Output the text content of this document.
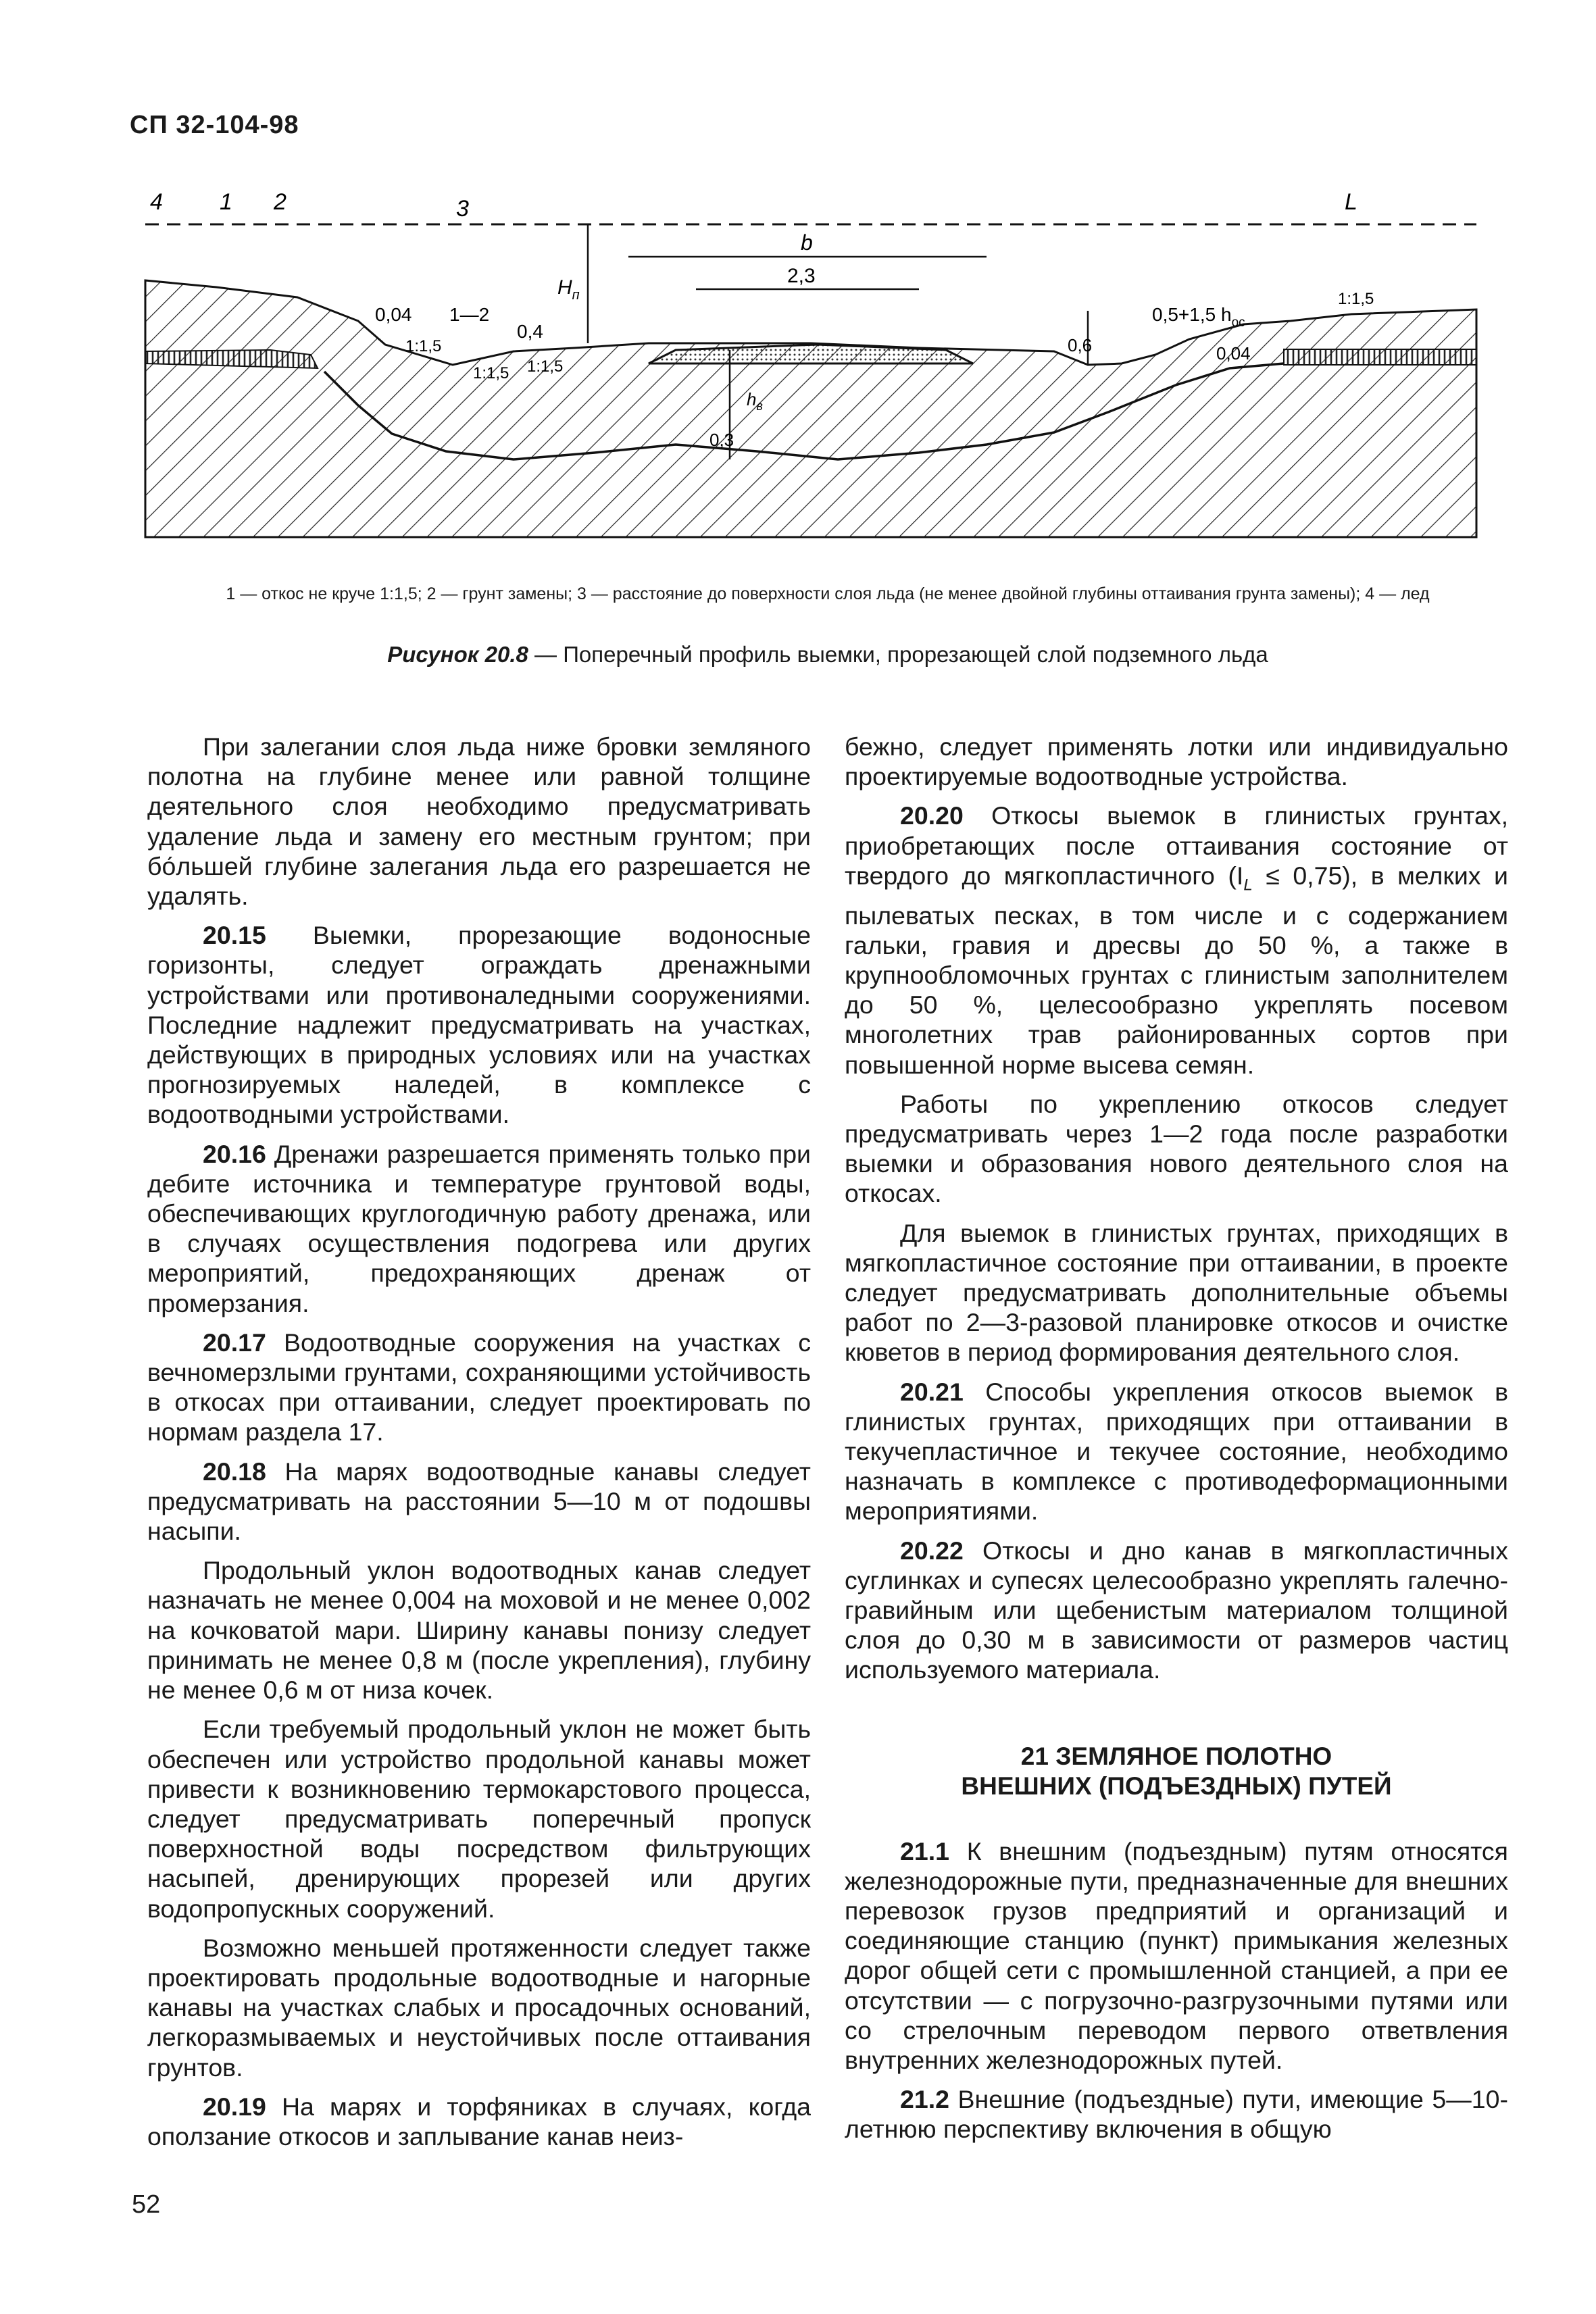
СП 32-104-98
4 1 2	3	L
b
2,3
$H_п$
0,04 1—2
0,4
1:1,5
1:1,5 1:1,5
0,5+1,5 $h_{ос}$
1:1,5
0,6
0,3
$h_в$
0,04
1 — откос не круче 1:1,5; 2 — грунт замены; 3 — расстояние до поверхности слоя льда (не менее двойной глубины оттаивания грунта замены); 4 — лед
Рисунок 20.8 — Поперечный профиль выемки, прорезающей слой подземного льда

При залегании слоя льда ниже бровки земляного полотна на глубине менее или равной толщине деятельного слоя необходимо предусматривать удаление льда и замену его местным грунтом; при бо́льшей глубине залегания льда его разрешается не удалять.

20.15 Выемки, прорезающие водоносные горизонты, следует ограждать дренажными устройствами или противоналедными сооружениями. Последние надлежит предусматривать на участках, действующих в природных условиях или на участках прогнозируемых наледей, в комплексе с водоотводными устройствами.

20.16 Дренажи разрешается применять только при дебите источника и температуре грунтовой воды, обеспечивающих круглогодичную работу дренажа, или в случаях осуществления подогрева или других мероприятий, предохраняющих дренаж от промерзания.

20.17 Водоотводные сооружения на участках с вечномерзлыми грунтами, сохраняющими устойчивость в откосах при оттаивании, следует проектировать по нормам раздела 17.

20.18 На марях водоотводные канавы следует предусматривать на расстоянии 5—10 м от подошвы насыпи.

Продольный уклон водоотводных канав следует назначать не менее 0,004 на моховой и не менее 0,002 на кочковатой мари. Ширину канавы понизу следует принимать не менее 0,8 м (после укрепления), глубину не менее 0,6 м от низа кочек.

Если требуемый продольный уклон не может быть обеспечен или устройство продольной канавы может привести к возникновению термокарстового процесса, следует предусматривать поперечный пропуск поверхностной воды посредством фильтрующих насыпей, дренирующих прорезей или других водопропускных сооружений.

Возможно меньшей протяженности следует также проектировать продольные водоотводные и нагорные канавы на участках слабых и просадочных оснований, легкоразмываемых и неустойчивых после оттаивания грунтов.

20.19 На марях и торфяниках в случаях, когда оползание откосов и заплывание канав неиз-

бежно, следует применять лотки или индивидуально проектируемые водоотводные устройства.

20.20 Откосы выемок в глинистых грунтах, приобретающих после оттаивания состояние от твердого до мягкопластичного $(I_L \le 0,75)$, в мелких и пылеватых песках, в том числе и с содержанием гальки, гравия и дресвы до 50 %, а также в крупнообломочных грунтах с глинистым заполнителем до 50 %, целесообразно укреплять посевом многолетних трав районированных сортов при повышенной норме высева семян.

Работы по укреплению откосов следует предусматривать через 1—2 года после разработки выемки и образования нового деятельного слоя на откосах.

Для выемок в глинистых грунтах, приходящих в мягкопластичное состояние при оттаивании, в проекте следует предусматривать дополнительные объемы работ по 2—3-разовой планировке откосов и очистке кюветов в период формирования деятельного слоя.

20.21 Способы укрепления откосов выемок в глинистых грунтах, приходящих при оттаивании в текучепластичное и текучее состояние, необходимо назначать в комплексе с противодеформационными мероприятиями.

20.22 Откосы и дно канав в мягкопластичных суглинках и супесях целесообразно укреплять галечно-гравийным или щебенистым материалом толщиной слоя до 0,30 м в зависимости от размеров частиц используемого материала.

21 ЗЕМЛЯНОЕ ПОЛОТНО
ВНЕШНИХ (ПОДЪЕЗДНЫХ) ПУТЕЙ

21.1 К внешним (подъездным) путям относятся железнодорожные пути, предназначенные для внешних перевозок грузов предприятий и организаций и соединяющие станцию (пункт) примыкания железных дорог общей сети с промышленной станцией, а при ее отсутствии — с погрузочно-разгрузочными путями или со стрелочным переводом первого ответвления внутренних железнодорожных путей.

21.2 Внешние (подъездные) пути, имеющие 5—10-летнюю перспективу включения в общую

52
